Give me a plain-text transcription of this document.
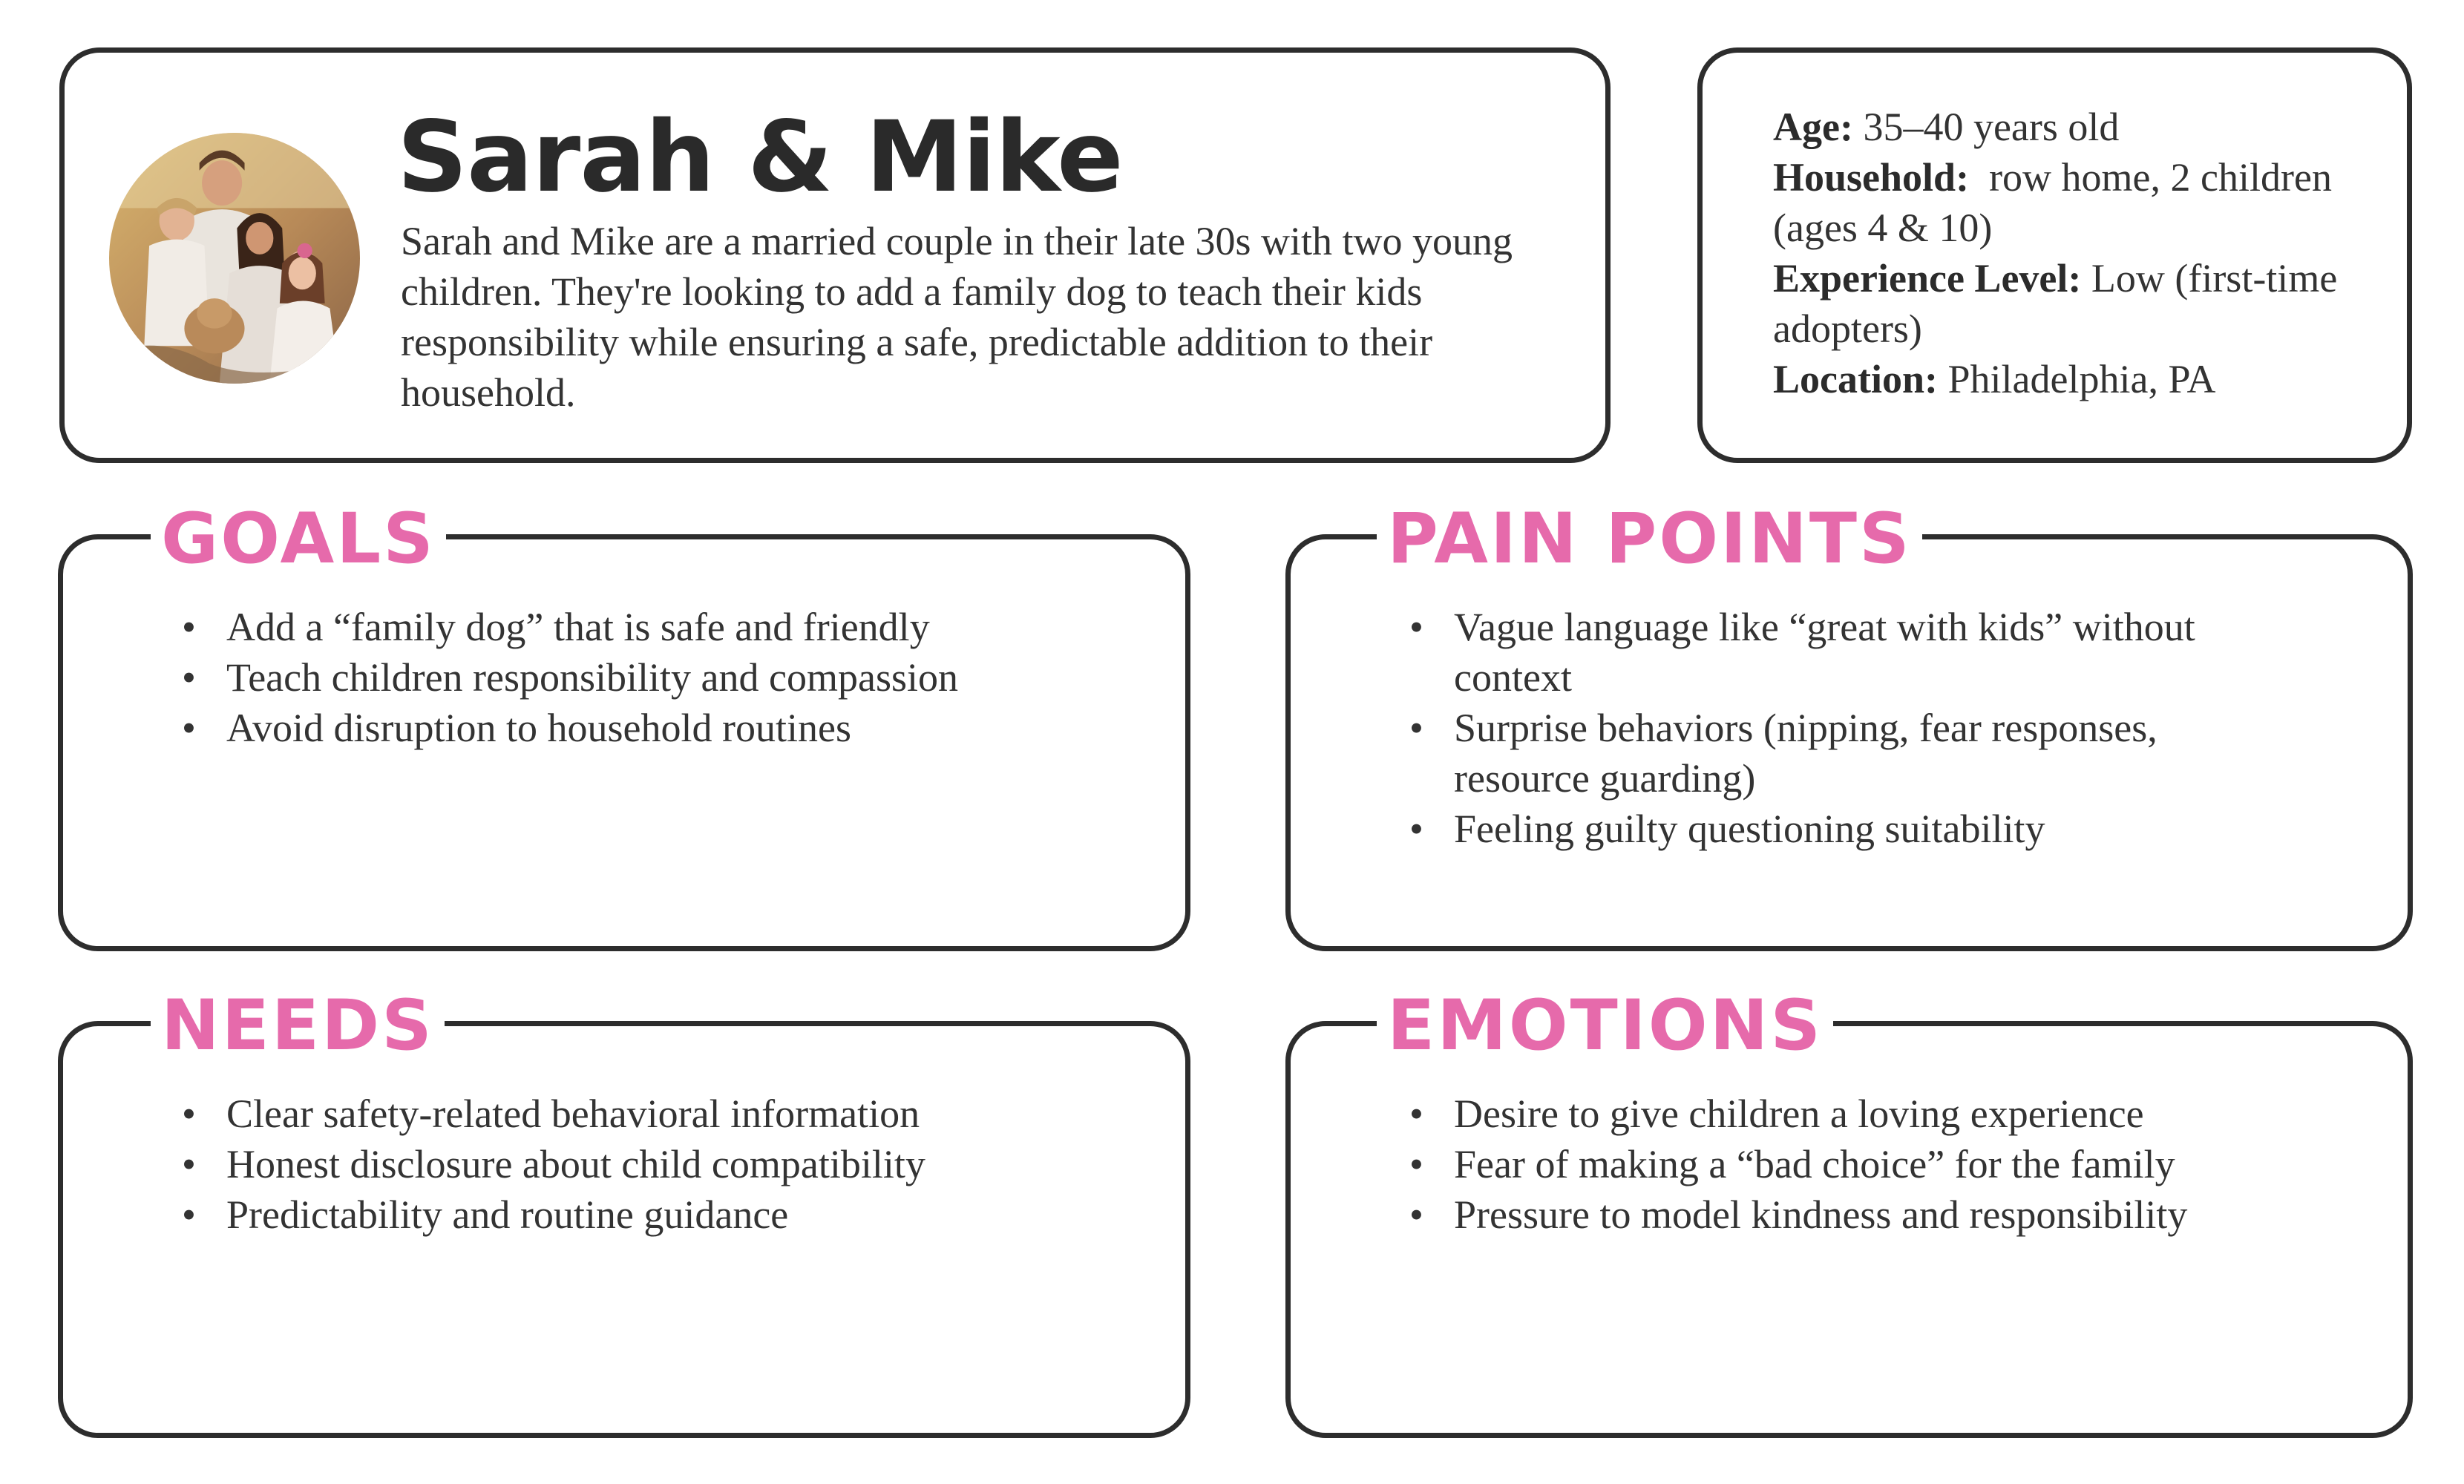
Sarah & Mike

Sarah and Mike are a married couple in their late 30s with two young children. They're looking to add a family dog to teach their kids responsibility while ensuring a safe, predictable addition to their household.

Age: 35–40 years old
Household: row home, 2 children (ages 4 & 10)
Experience Level: Low (first-time adopters)
Location: Philadelphia, PA
GOALS
• Add a “family dog” that is safe and friendly
• Teach children responsibility and compassion
• Avoid disruption to household routines
PAIN POINTS
• Vague language like “great with kids” without context
• Surprise behaviors (nipping, fear responses, resource guarding)
• Feeling guilty questioning suitability
NEEDS
• Clear safety-related behavioral information
• Honest disclosure about child compatibility
• Predictability and routine guidance
EMOTIONS
• Desire to give children a loving experience
• Fear of making a “bad choice” for the family
• Pressure to model kindness and responsibility
